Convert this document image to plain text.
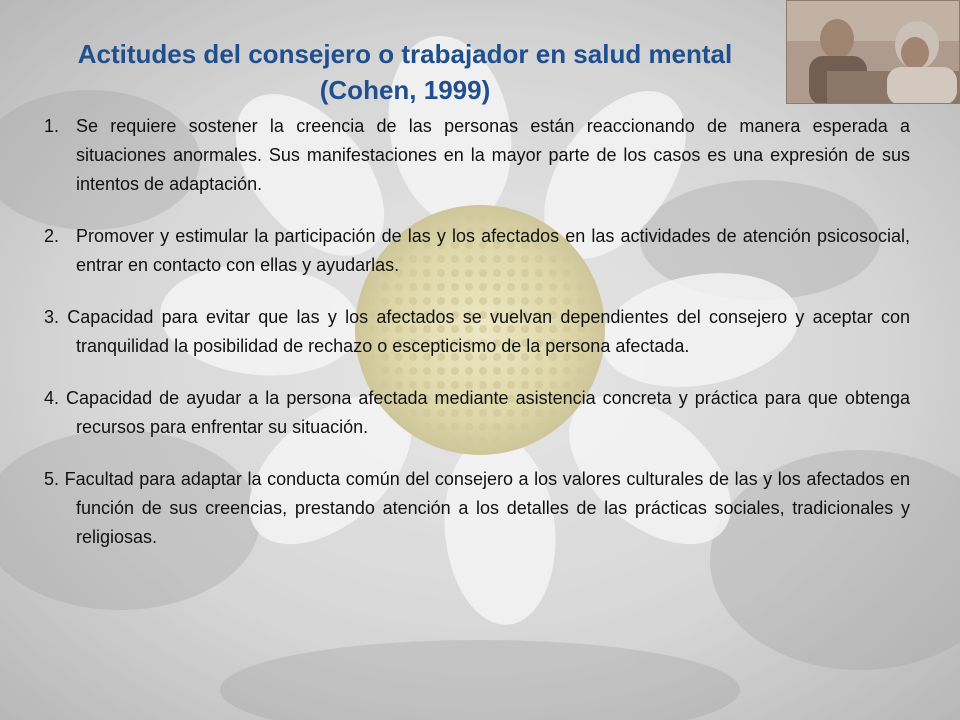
Actitudes del consejero o trabajador en salud mental (Cohen, 1999)
1. Se requiere sostener la creencia de las personas están reaccionando de manera esperada a situaciones anormales. Sus manifestaciones en la mayor parte de los casos es una expresión de sus intentos de adaptación.
2. Promover y estimular la participación de las y los afectados en las actividades de atención psicosocial, entrar en contacto con ellas y ayudarlas.
3. Capacidad para evitar que las y los afectados se vuelvan dependientes del consejero y aceptar con tranquilidad la posibilidad de rechazo o escepticismo de la persona afectada.
4. Capacidad de ayudar a la persona afectada mediante asistencia concreta y práctica para que obtenga recursos para enfrentar su situación.
5. Facultad para adaptar la conducta común del consejero a los valores culturales de las y los afectados en función de sus creencias, prestando atención a los detalles de las prácticas sociales, tradicionales y religiosas.
